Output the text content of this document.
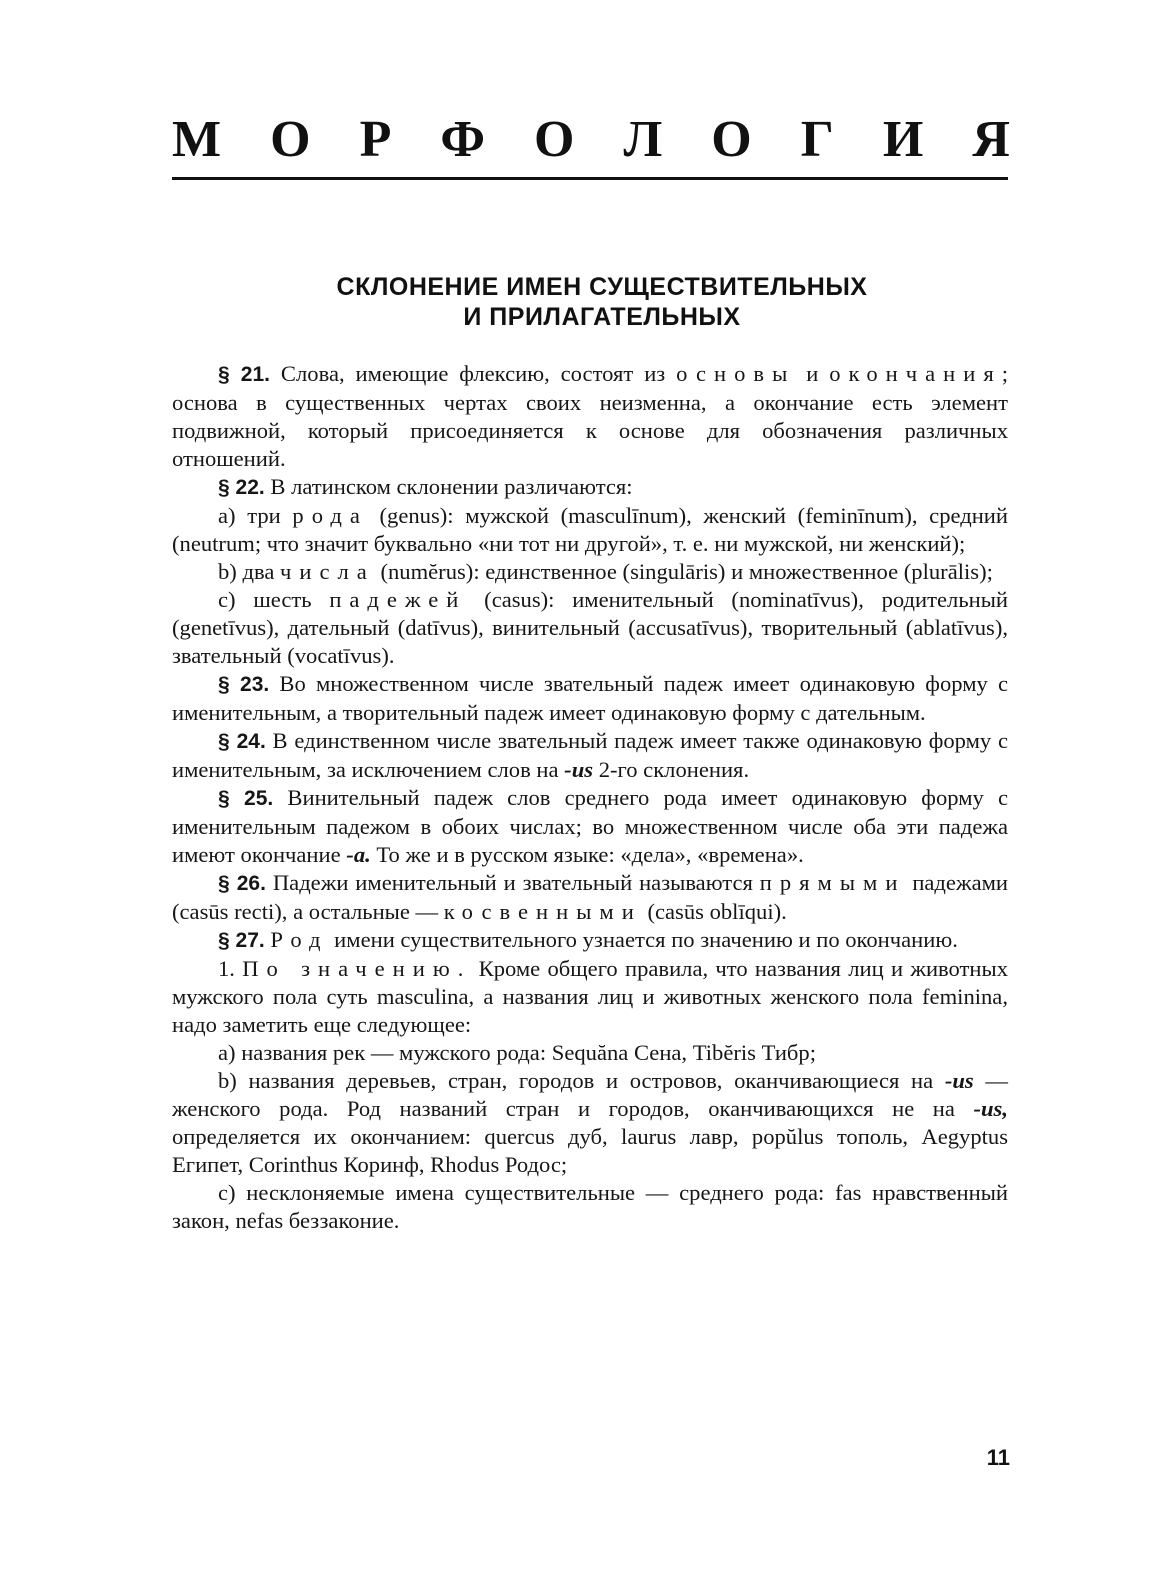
М О Р Ф О Л О Г И Я
СКЛОНЕНИЕ ИМЕН СУЩЕСТВИТЕЛЬНЫХ
И ПРИЛАГАТЕЛЬНЫХ

§ 21. Слова, имеющие флексию, состоят из основы и окончания; основа в существенных чертах своих неизменна, а окончание есть элемент подвижной, который присоединяется к основе для обозначения различных отношений.

§ 22. В латинском склонении различаются:

a) три рода (genus): мужской (masculīnum), женский (feminīnum), средний (neutrum; что значит буквально «ни тот ни другой», т. е. ни мужской, ни женский);

b) два числа (numĕrus): единственное (singulāris) и множественное (plurālis);

c) шесть падежей (casus): именительный (nominatīvus), родительный (genetīvus), дательный (datīvus), винительный (accusatīvus), творительный (ablatīvus), звательный (vocatīvus).

§ 23. Во множественном числе звательный падеж имеет одинаковую форму с именительным, а творительный падеж имеет одинаковую форму с дательным.

§ 24. В единственном числе звательный падеж имеет также одинаковую форму с именительным, за исключением слов на -us 2-го склонения.

§ 25. Винительный падеж слов среднего рода имеет одинаковую форму с именительным падежом в обоих числах; во множественном числе оба эти падежа имеют окончание -a. То же и в русском языке: «дела», «времена».

§ 26. Падежи именительный и звательный называются прямыми падежами (casūs recti), а остальные — косвенными (casūs oblīqui).

§ 27. Род имени существительного узнается по значению и по окончанию.

1. По значению. Кроме общего правила, что названия лиц и животных мужского пола суть masculina, а названия лиц и животных женского пола feminina, надо заметить еще следующее:

a) названия рек — мужского рода: Sequăna Сена, Tibĕris Тибр;

b) названия деревьев, стран, городов и островов, оканчивающиеся на -us — женского рода. Род названий стран и городов, оканчивающихся не на -us, определяется их окончанием: quercus дуб, laurus лавр, popŭlus тополь, Aegyptus Египет, Corinthus Коринф, Rhodus Родос;

c) несклоняемые имена существительные — среднего рода: fas нравственный закон, nefas беззаконие.

11
